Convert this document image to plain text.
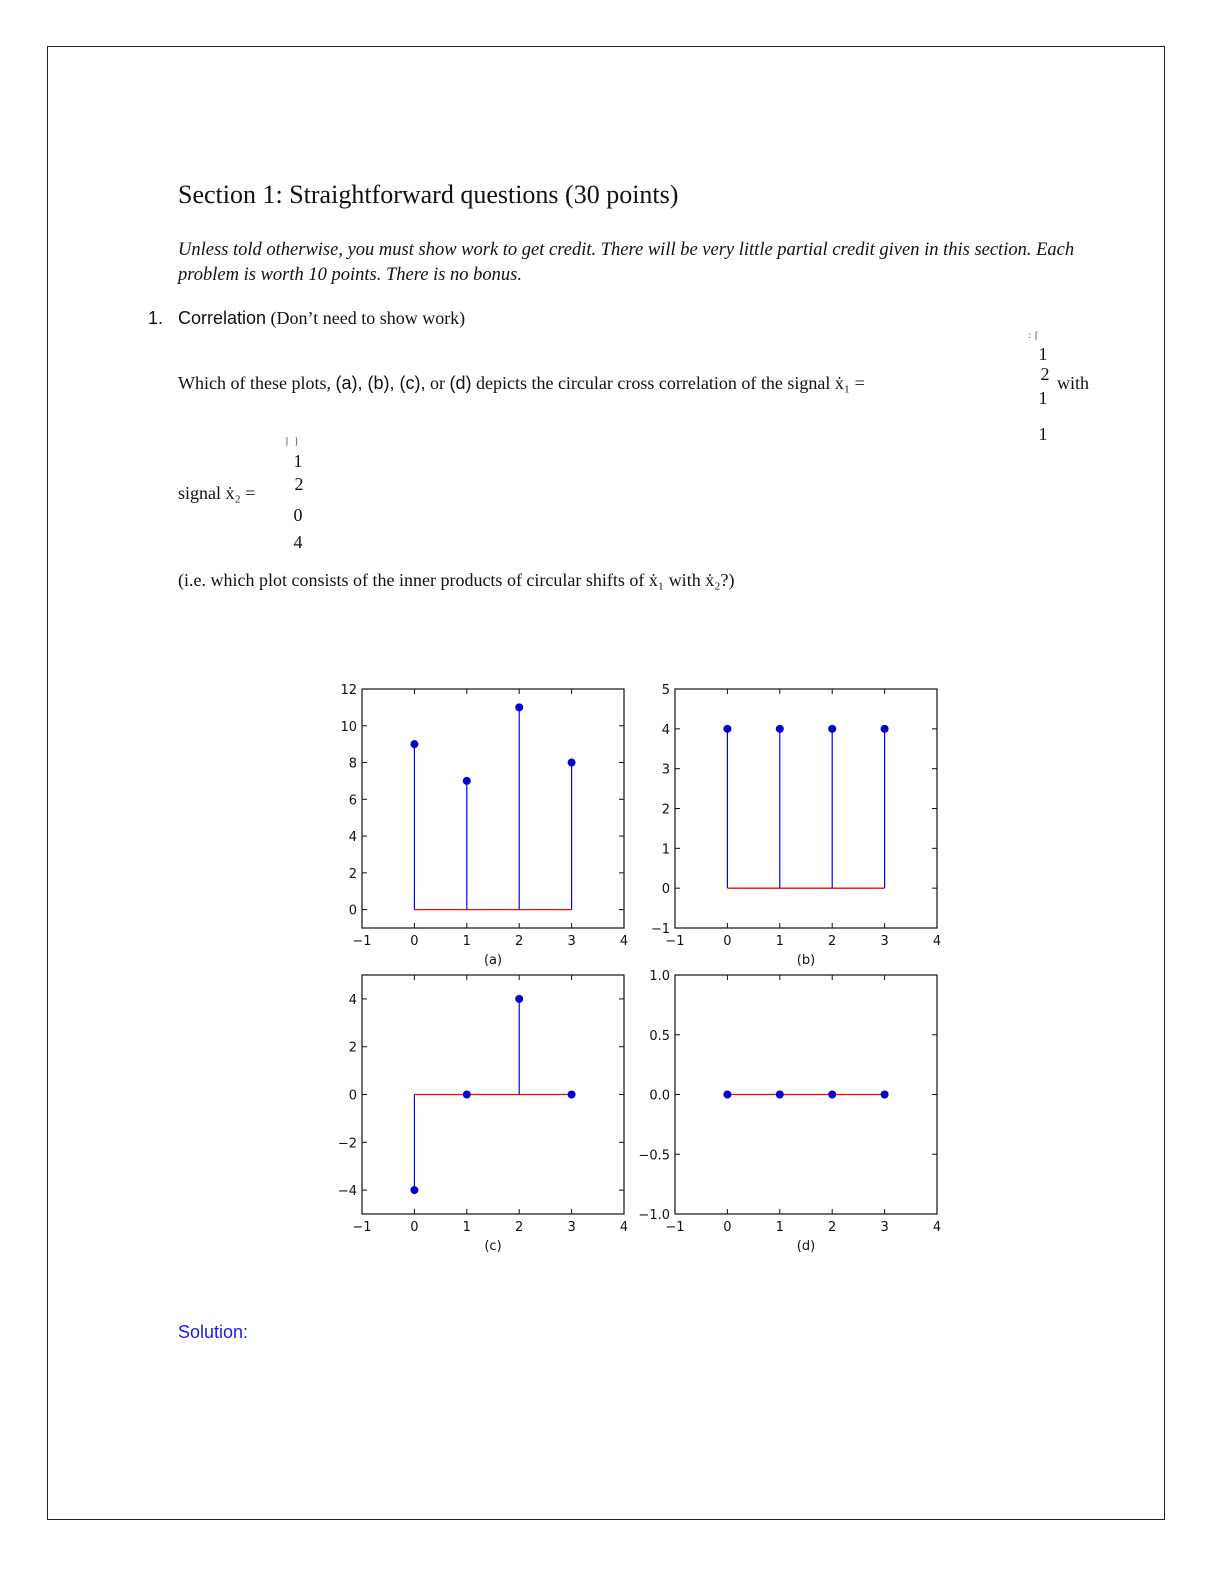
Section 1: Straightforward questions (30 points)
Unless told otherwise, you must show work to get credit. There will be very little partial credit given in this section. Each problem is worth 10 points. There is no bonus.
1. Correlation (Don’t need to show work)
Which of these plots, (a), (b), (c), or (d) depicts the circular cross correlation of the signal ẋ₁ =
:  [
1
2
1
1
with
signal ẋ₂ =
]   ]
1
2
0
4
(i.e. which plot consists of the inner products of circular shifts of ẋ₁ with ẋ₂?)
−1	0	1	2	3	4
0
2
4
6
8
10
12
(a)
−1	0	1	2	3	4
−1
0
1
2
3
4
5
(b)
−1	0	1	2	3	4
−4
−2
0
2
4
(c)
−1	0	1	2	3	4
−1.0
−0.5
0.0
0.5
1.0
(d)
Solution:
